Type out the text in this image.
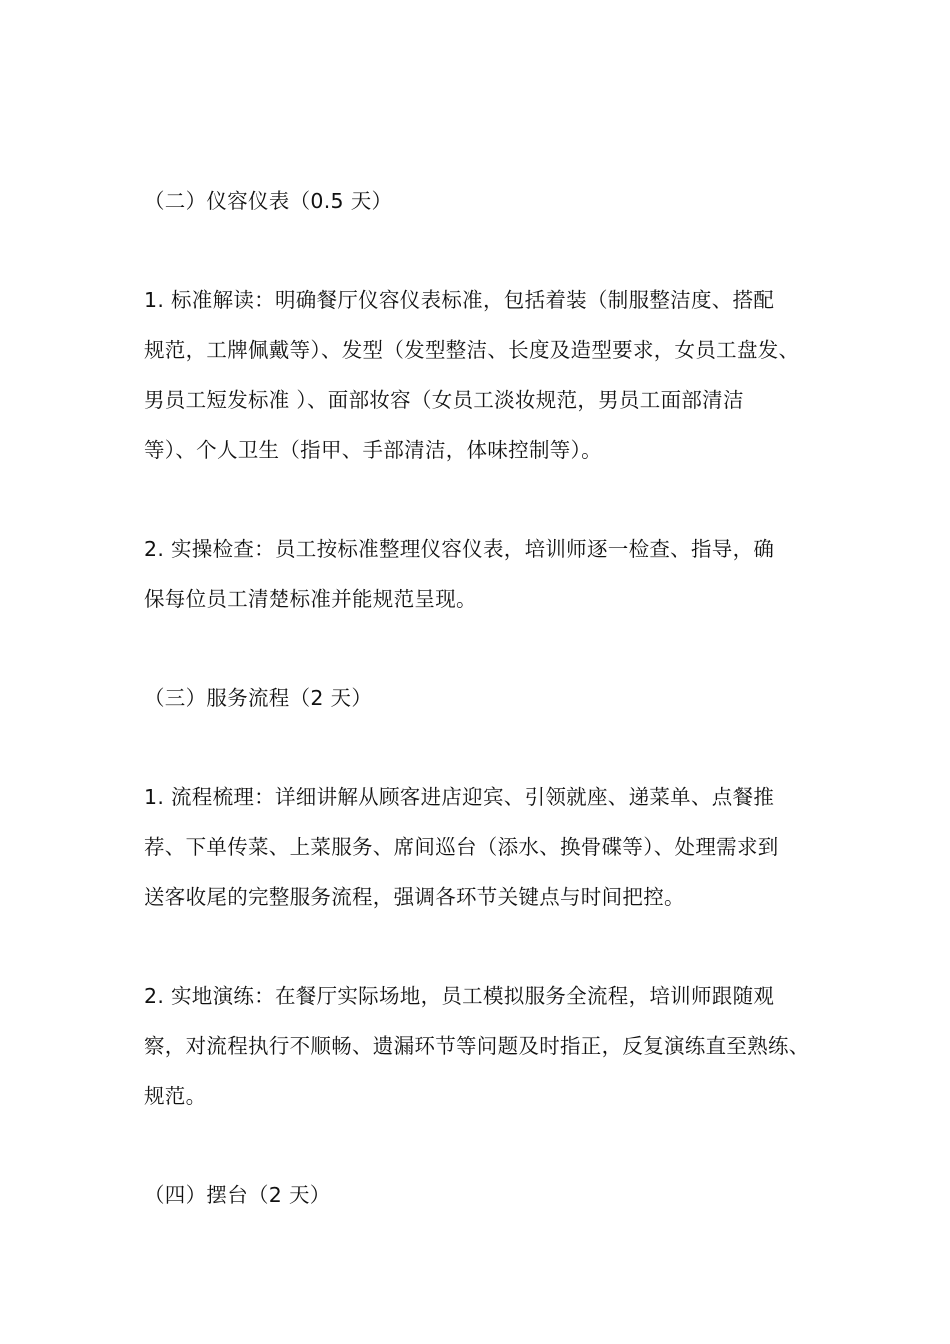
（二）仪容仪表（0.5 天）
1. 标准解读：明确餐厅仪容仪表标准，包括着装（制服整洁度、搭配
规范，工牌佩戴等）、发型（发型整洁、长度及造型要求，女员工盘发、
男员工短发标准 ）、面部妆容（女员工淡妆规范，男员工面部清洁
等）、个人卫生（指甲、手部清洁，体味控制等）。
2. 实操检查：员工按标准整理仪容仪表，培训师逐一检查、指导，确
保每位员工清楚标准并能规范呈现。
（三）服务流程（2 天）
1. 流程梳理：详细讲解从顾客进店迎宾、引领就座、递菜单、点餐推
荐、下单传菜、上菜服务、席间巡台（添水、换骨碟等）、处理需求到
送客收尾的完整服务流程，强调各环节关键点与时间把控。
2. 实地演练：在餐厅实际场地，员工模拟服务全流程，培训师跟随观
察，对流程执行不顺畅、遗漏环节等问题及时指正，反复演练直至熟练、
规范。
（四）摆台（2 天）
